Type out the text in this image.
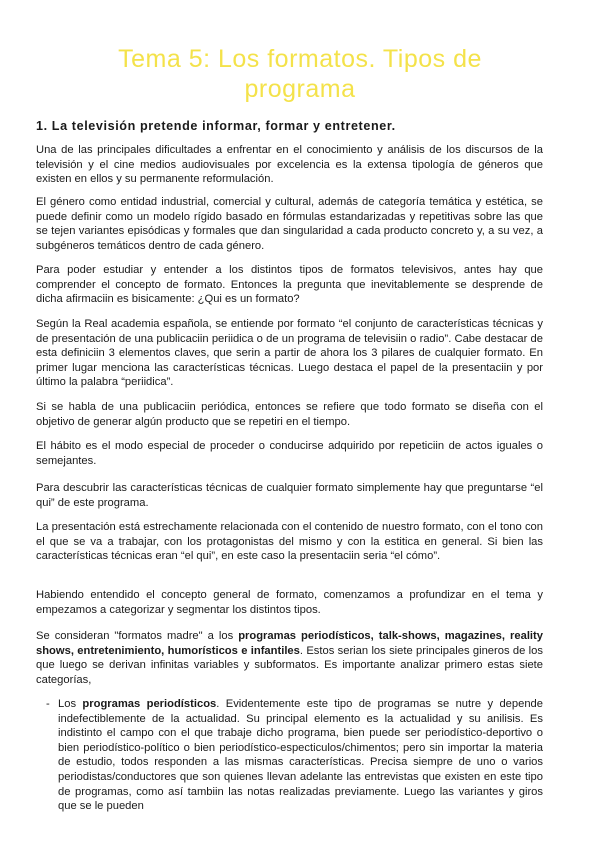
Tema 5: Los formatos. Tipos de programa
1. La televisión pretende informar, formar y entretener.
Una de las principales dificultades a enfrentar en el conocimiento y análisis de los discursos de la televisión y el cine medios audiovisuales por excelencia es la extensa tipología de géneros que existen en ellos y su permanente reformulación.
El género como entidad industrial, comercial y cultural, además de categoría temática y estética, se puede definir como un modelo rígido basado en fórmulas estandarizadas y repetitivas sobre las que se tejen variantes episódicas y formales que dan singularidad a cada producto concreto y, a su vez, a subgéneros temáticos dentro de cada género.
Para poder estudiar y entender a los distintos tipos de formatos televisivos, antes hay que comprender el concepto de formato. Entonces la pregunta que inevitablemente se desprende de dicha afirmaciin es bisicamente: ¿Qui es un formato?
Según la Real academia española, se entiende por formato “el conjunto de características técnicas y de presentación de una publicaciin periidica o de un programa de televisiin o radio”. Cabe destacar de esta definiciin 3 elementos claves, que serin a partir de ahora los 3 pilares de cualquier formato. En primer lugar menciona las características técnicas. Luego destaca el papel de la presentaciin y por último la palabra “periidica”.
Si se habla de una publicaciin periódica, entonces se refiere que todo formato se diseña con el objetivo de generar algún producto que se repetiri en el tiempo.
El hábito es el modo especial de proceder o conducirse adquirido por repeticiin de actos iguales o semejantes.
Para descubrir las características técnicas de cualquier formato simplemente hay que preguntarse “el qui” de este programa.
La presentación está estrechamente relacionada con el contenido de nuestro formato, con el tono con el que se va a trabajar, con los protagonistas del mismo y con la estitica en general. Si bien las características técnicas eran “el qui”, en este caso la presentaciin seria “el cómo”.
Habiendo entendido el concepto general de formato, comenzamos a profundizar en el tema y empezamos a categorizar y segmentar los distintos tipos.
Se consideran "formatos madre" a los programas periodísticos, talk-shows, magazines, reality shows, entretenimiento, humorísticos e infantiles. Estos serian los siete principales gineros de los que luego se derivan infinitas variables y subformatos. Es importante analizar primero estas siete categorías,
- Los programas periodísticos. Evidentemente este tipo de programas se nutre y depende indefectiblemente de la actualidad. Su principal elemento es la actualidad y su anilisis. Es indistinto el campo con el que trabaje dicho programa, bien puede ser periodístico-deportivo o bien periodístico-político o bien periodístico-especticulos/chimentos; pero sin importar la materia de estudio, todos responden a las mismas características. Precisa siempre de uno o varios periodistas/conductores que son quienes llevan adelante las entrevistas que existen en este tipo de programas, como así tambiin las notas realizadas previamente. Luego las variantes y giros que se le pueden
